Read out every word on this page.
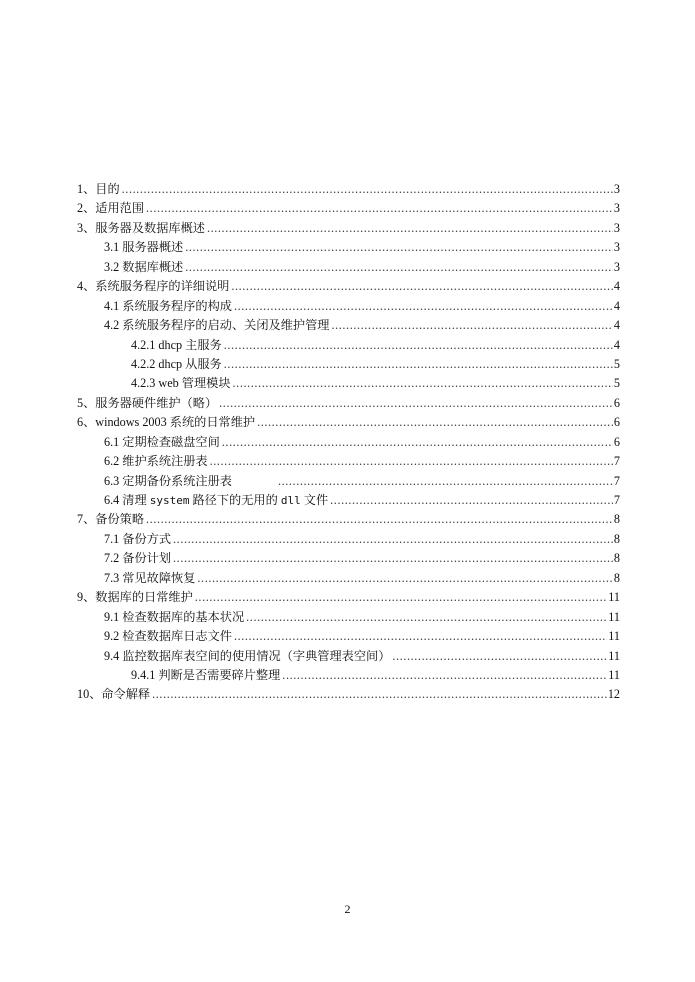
1、目的 .....	3
2、适用范围 .....	3
3、服务器及数据库概述 .....	3
3.1 服务器概述 .....	3
3.2 数据库概述 .....	3
4、系统服务程序的详细说明 .....	4
4.1 系统服务程序的构成 .....	4
4.2 系统服务程序的启动、关闭及维护管理 .....	4
4.2.1 dhcp 主服务 .....	4
4.2.2 dhcp 从服务 .....	5
4.2.3 web 管理模块 .....	5
5、服务器硬件维护（略） .....	6
6、windows 2003 系统的日常维护 .....	6
6.1 定期检查磁盘空间 .....	6
6.2 维护系统注册表 .....	7
6.3 定期备份系统注册表 .....	7
6.4 清理 system 路径下的无用的 dll 文件 .....	7
7、备份策略 .....	8
7.1 备份方式 .....	8
7.2 备份计划 .....	8
7.3 常见故障恢复 .....	8
9、数据库的日常维护 .....	11
9.1 检查数据库的基本状况 .....	11
9.2 检查数据库日志文件 .....	11
9.4 监控数据库表空间的使用情况（字典管理表空间） .....	11
9.4.1 判断是否需要碎片整理 .....	11
10、命令解释 .....	12
2
